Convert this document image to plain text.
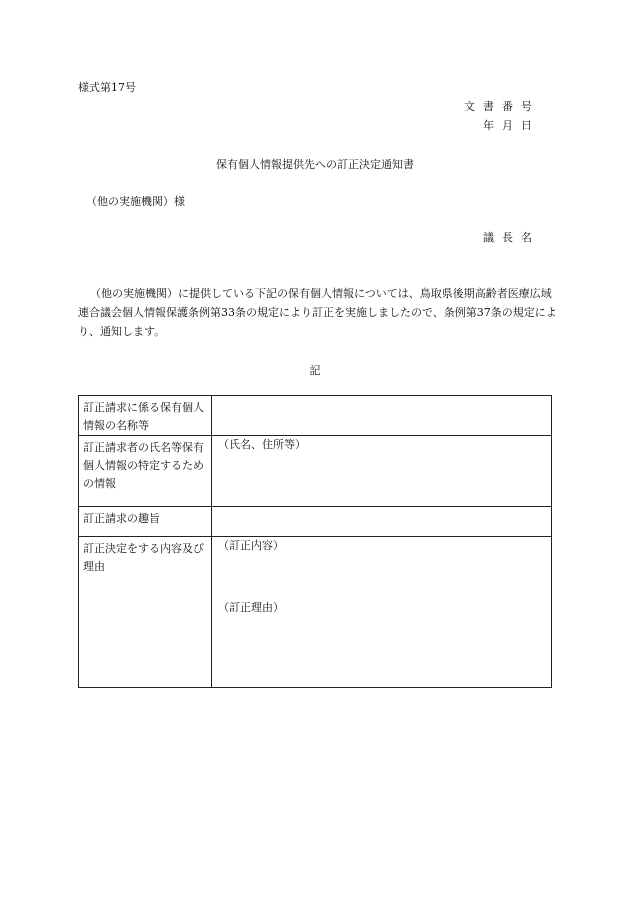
様式第17号
文書番号
年月日
保有個人情報提供先への訂正決定通知書
（他の実施機関）様
議長名
（他の実施機関）に提供している下記の保有個人情報については、鳥取県後期高齢者医療広域連合議会個人情報保護条例第33条の規定により訂正を実施しましたので、条例第37条の規定により、通知します。
記
訂正請求に係る保有個人情報の名称等	
訂正請求者の氏名等保有個人情報の特定するための情報	（氏名、住所等）
訂正請求の趣旨	
訂正決定をする内容及び理由	（訂正内容）
（訂正理由）
